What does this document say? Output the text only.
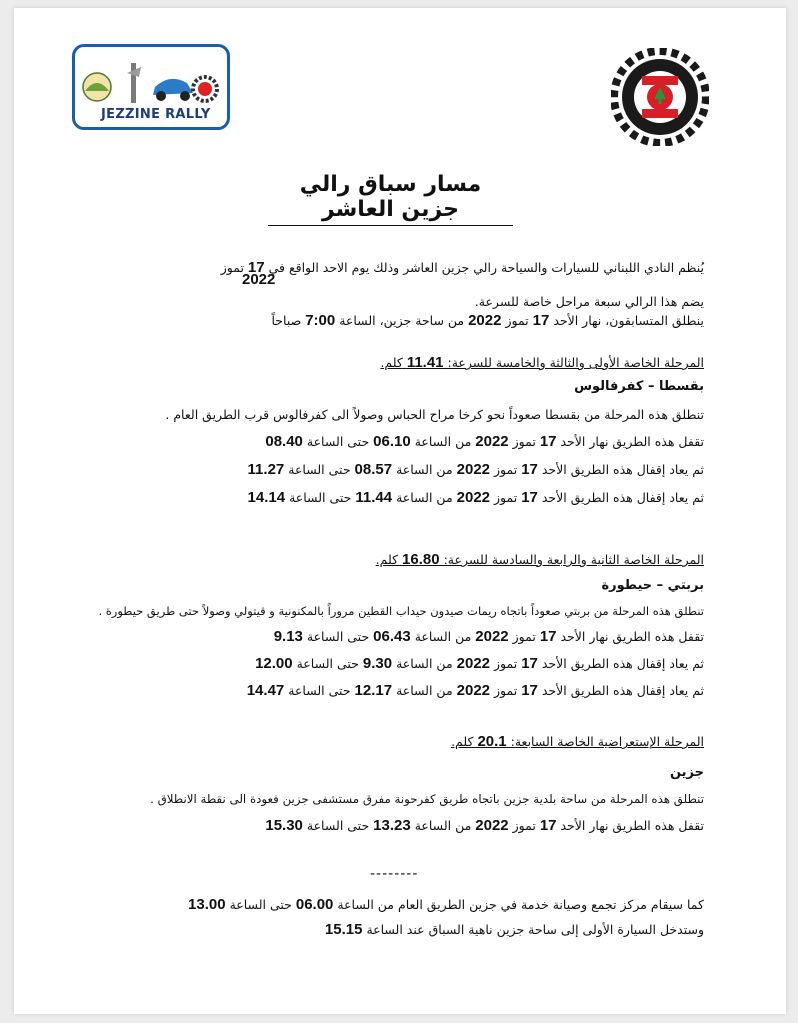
JEZZINE RALLY
مسار سباق رالي جزين العاشر
يُنظم النادي اللبناني للسيارات والسياحة رالي جزين العاشر وذلك يوم الاحد الواقع في 17 تموز
2022
يضم هذا الرالي سبعة مراحل خاصة للسرعة.
ينطلق المتسابقون، نهار الأحد 17 تموز 2022 من ساحة جزين، الساعة 7:00 صباحاً
المرحلة الخاصة الأولى والثالثة والخامسة للسرعة: 11.41 كلم.
بقسطا – كفرفالوس
تنطلق هذه المرحلة من بقسطا صعوداً نحو كرخا مراح الحباس وصولاً الى كفرفالوس قرب الطريق العام .
تقفل هذه الطريق نهار الأحد 17 تموز 2022 من الساعة 06.10 حتى الساعة 08.40
ثم يعاد إقفال هذه الطريق الأحد 17 تموز 2022 من الساعة 08.57 حتى الساعة 11.27
ثم يعاد إقفال هذه الطريق الأحد 17 تموز 2022 من الساعة 11.44 حتى الساعة 14.14
المرحلة الخاصة الثانية والرابعة والسادسة للسرعة: 16.80 كلم.
بربتي – حيطورة
تنطلق هذه المرحلة من بربتي صعوداً باتجاه ريمات صيدون حيداب القطين مروراً بالمكنونية و قيتولي وصولاً حتى طريق حيطورة .
تقفل هذه الطريق نهار الأحد 17 تموز 2022 من الساعة 06.43 حتى الساعة 9.13
ثم يعاد إقفال هذه الطريق الأحد 17 تموز 2022 من الساعة 9.30 حتى الساعة 12.00
ثم يعاد إقفال هذه الطريق الأحد 17 تموز 2022 من الساعة 12.17 حتى الساعة 14.47
المرحلة الإستعراضية الخاصة السابعة: 20.1 كلم.
جزين
تنطلق هذه المرحلة من ساحة بلدية جزين باتجاه طريق كفرحونة مفرق مستشفى جزين فعودة الى نقطة الانطلاق .
تقفل هذه الطريق نهار الأحد 17 تموز 2022 من الساعة 13.23 حتى الساعة 15.30
--------
كما سيقام مركز تجمع وصيانة خدمة في جزين الطريق العام من الساعة 06.00 حتى الساعة 13.00
وستدخل السيارة الأولى إلى ساحة جزين ناهية السباق عند الساعة 15.15
